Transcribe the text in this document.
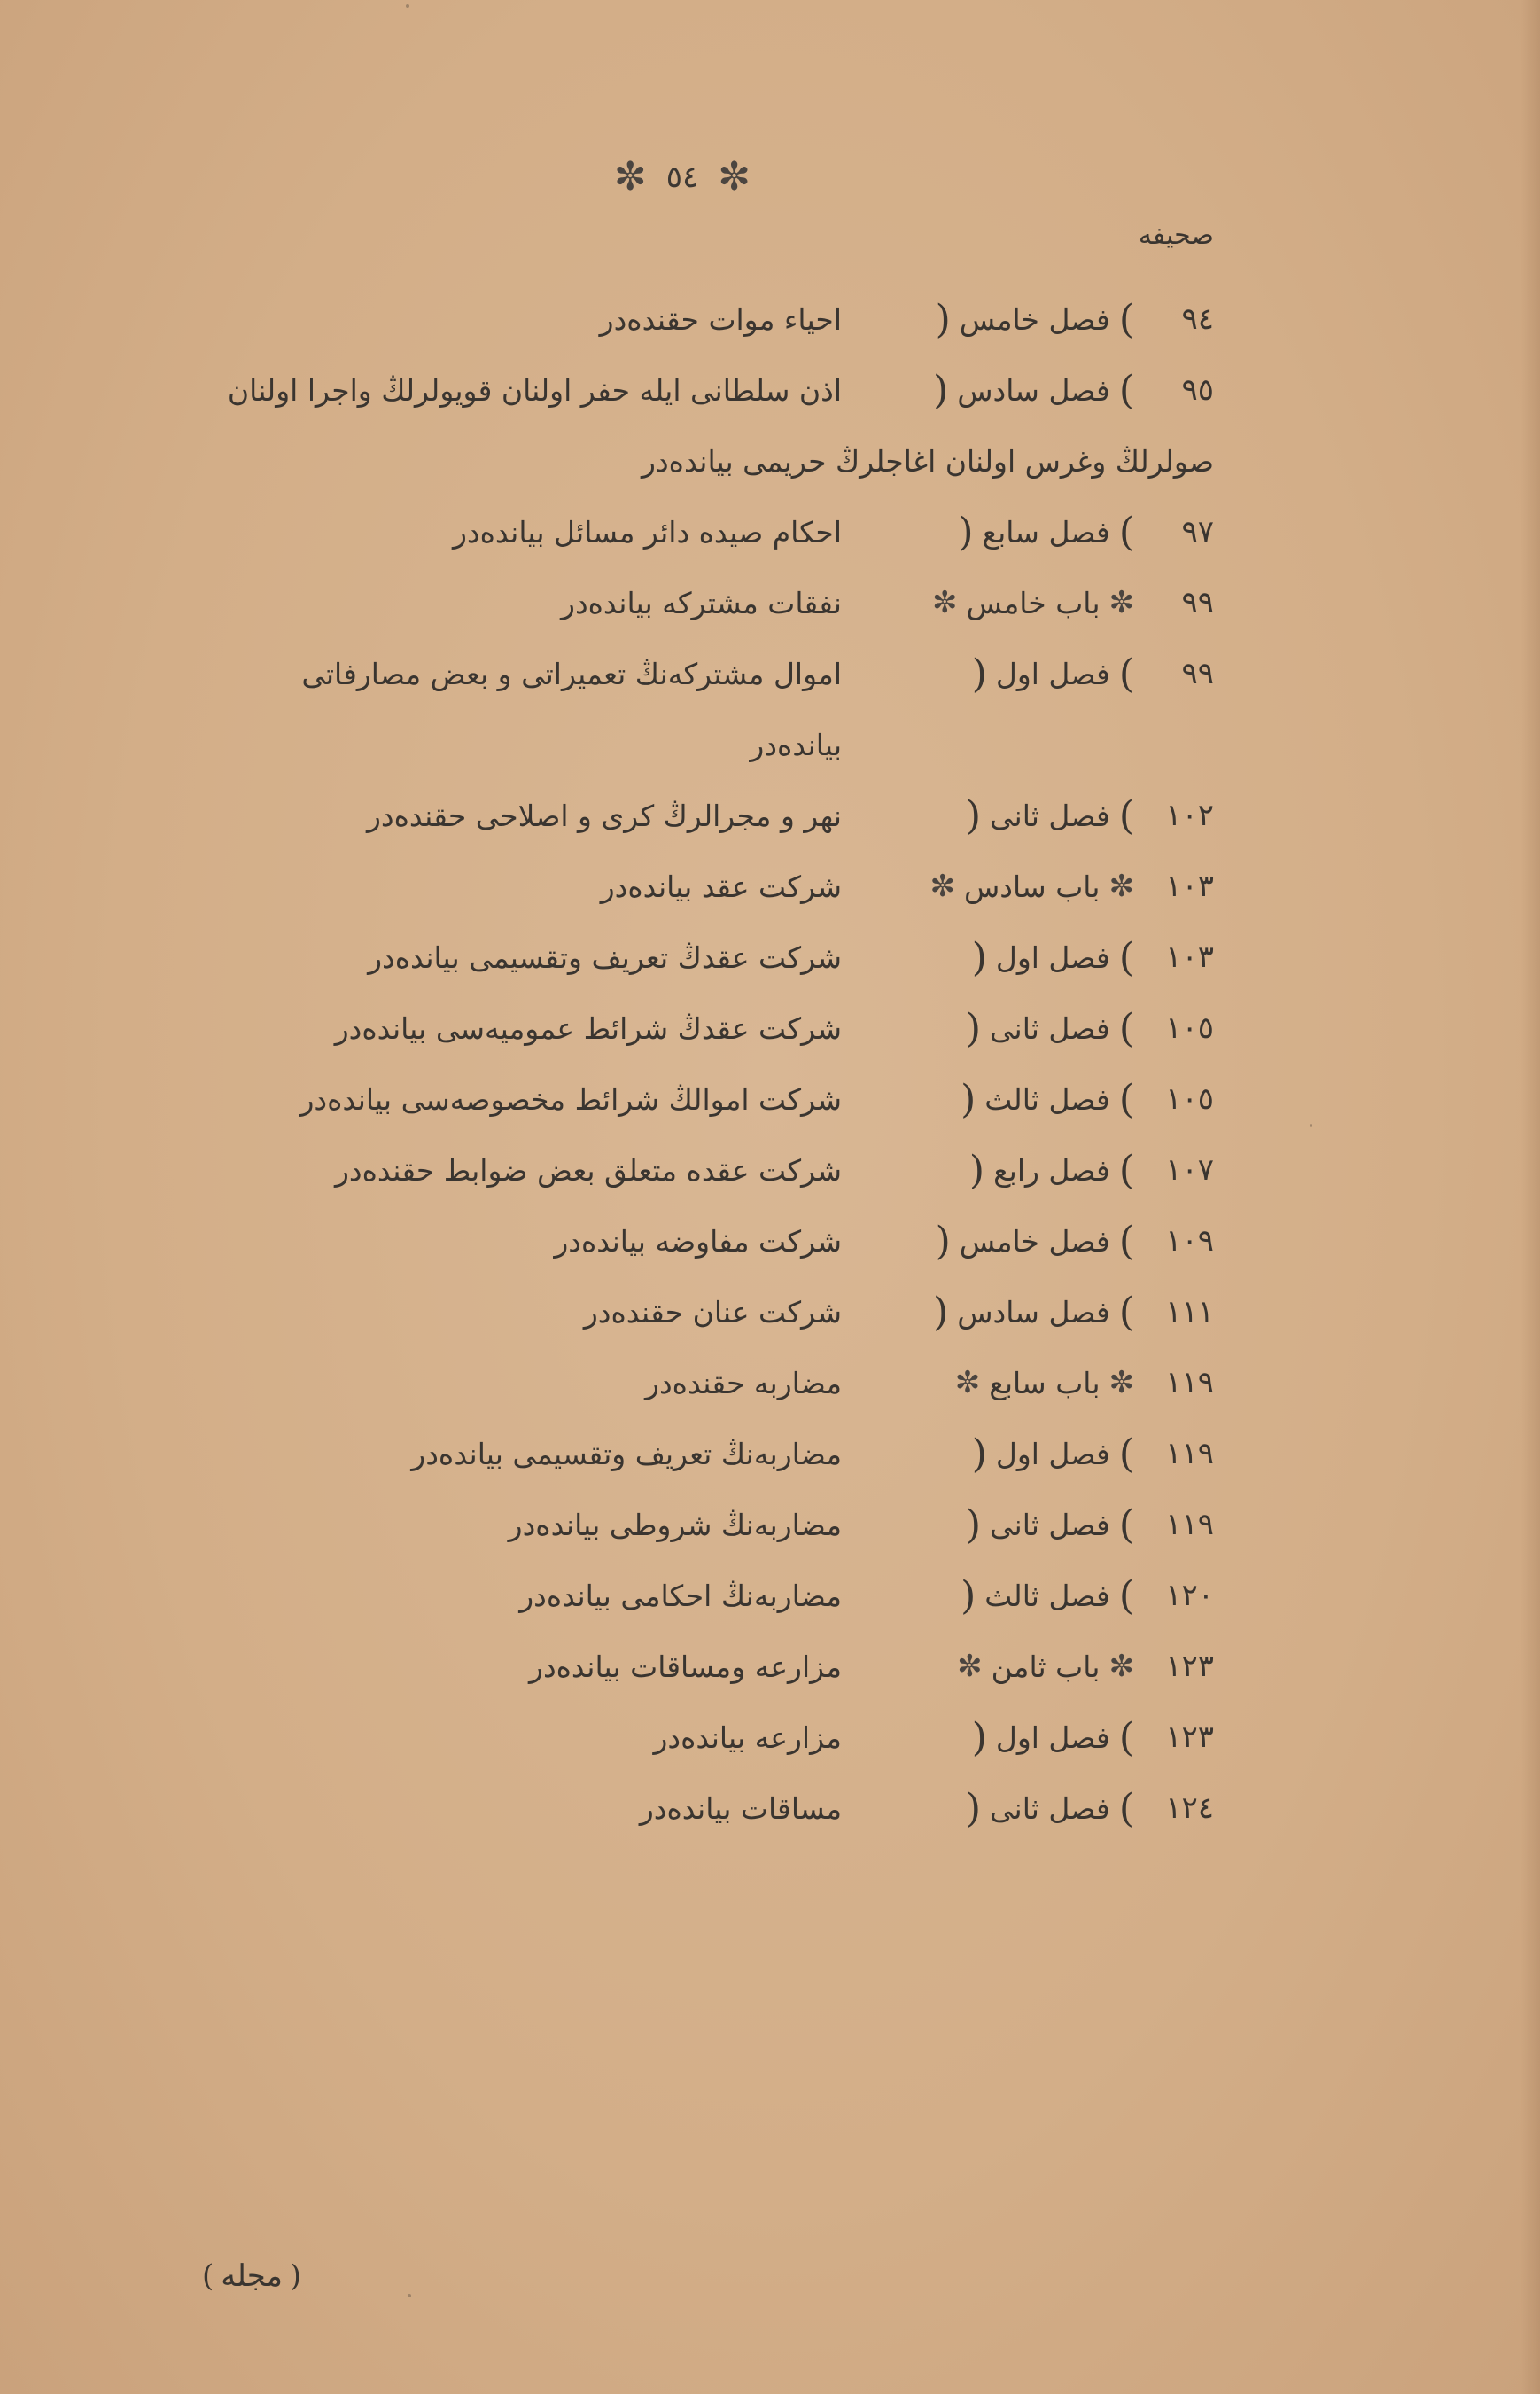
✼ ٥٤ ✼
صحیفه
٩٤
)
فصل خامس
(
احیاء موات حقنده‌در
٩٥
)
فصل سادس
(
اذن سلطانی ایله حفر اولنان قویولرلڭ واجرا اولنان
صولرلڭ وغرس اولنان اغاجلرڭ حریمی بیانده‌در
٩٧
)
فصل سابع
(
احکام صیده دائر مسائل بیانده‌در
٩٩
✼
باب خامس
✼
نفقات مشترکه بیانده‌در
٩٩
)
فصل اول
(
اموال مشترکه‌نڭ تعمیراتی و بعض مصارفاتی
بیانده‌در
١٠٢
)
فصل ثانی
(
نهر و مجرالرڭ کری و اصلاحی حقنده‌در
١٠٣
✼
باب سادس
✼
شرکت عقد بیانده‌در
١٠٣
)
فصل اول
(
شرکت عقدڭ تعریف وتقسیمی بیانده‌در
١٠٥
)
فصل ثانی
(
شرکت عقدڭ شرائط عمومیه‌سی بیانده‌در
١٠٥
)
فصل ثالث
(
شرکت اموالڭ شرائط مخصوصه‌سی بیانده‌در
١٠٧
)
فصل رابع
(
شرکت عقده متعلق بعض ضوابط حقنده‌در
١٠٩
)
فصل خامس
(
شرکت مفاوضه بیانده‌در
١١١
)
فصل سادس
(
شرکت عنان حقنده‌در
١١٩
✼
باب سابع
✼
مضاربه حقنده‌در
١١٩
)
فصل اول
(
مضاربه‌نڭ تعریف وتقسیمی بیانده‌در
١١٩
)
فصل ثانی
(
مضاربه‌نڭ شروطی بیانده‌در
١٢٠
)
فصل ثالث
(
مضاربه‌نڭ احکامی بیانده‌در
١٢٣
✼
باب ثامن
✼
مزارعه ومساقات بیانده‌در
١٢٣
)
فصل اول
(
مزارعه بیانده‌در
١٢٤
)
فصل ثانی
(
مساقات بیانده‌در
(
مجله
)
